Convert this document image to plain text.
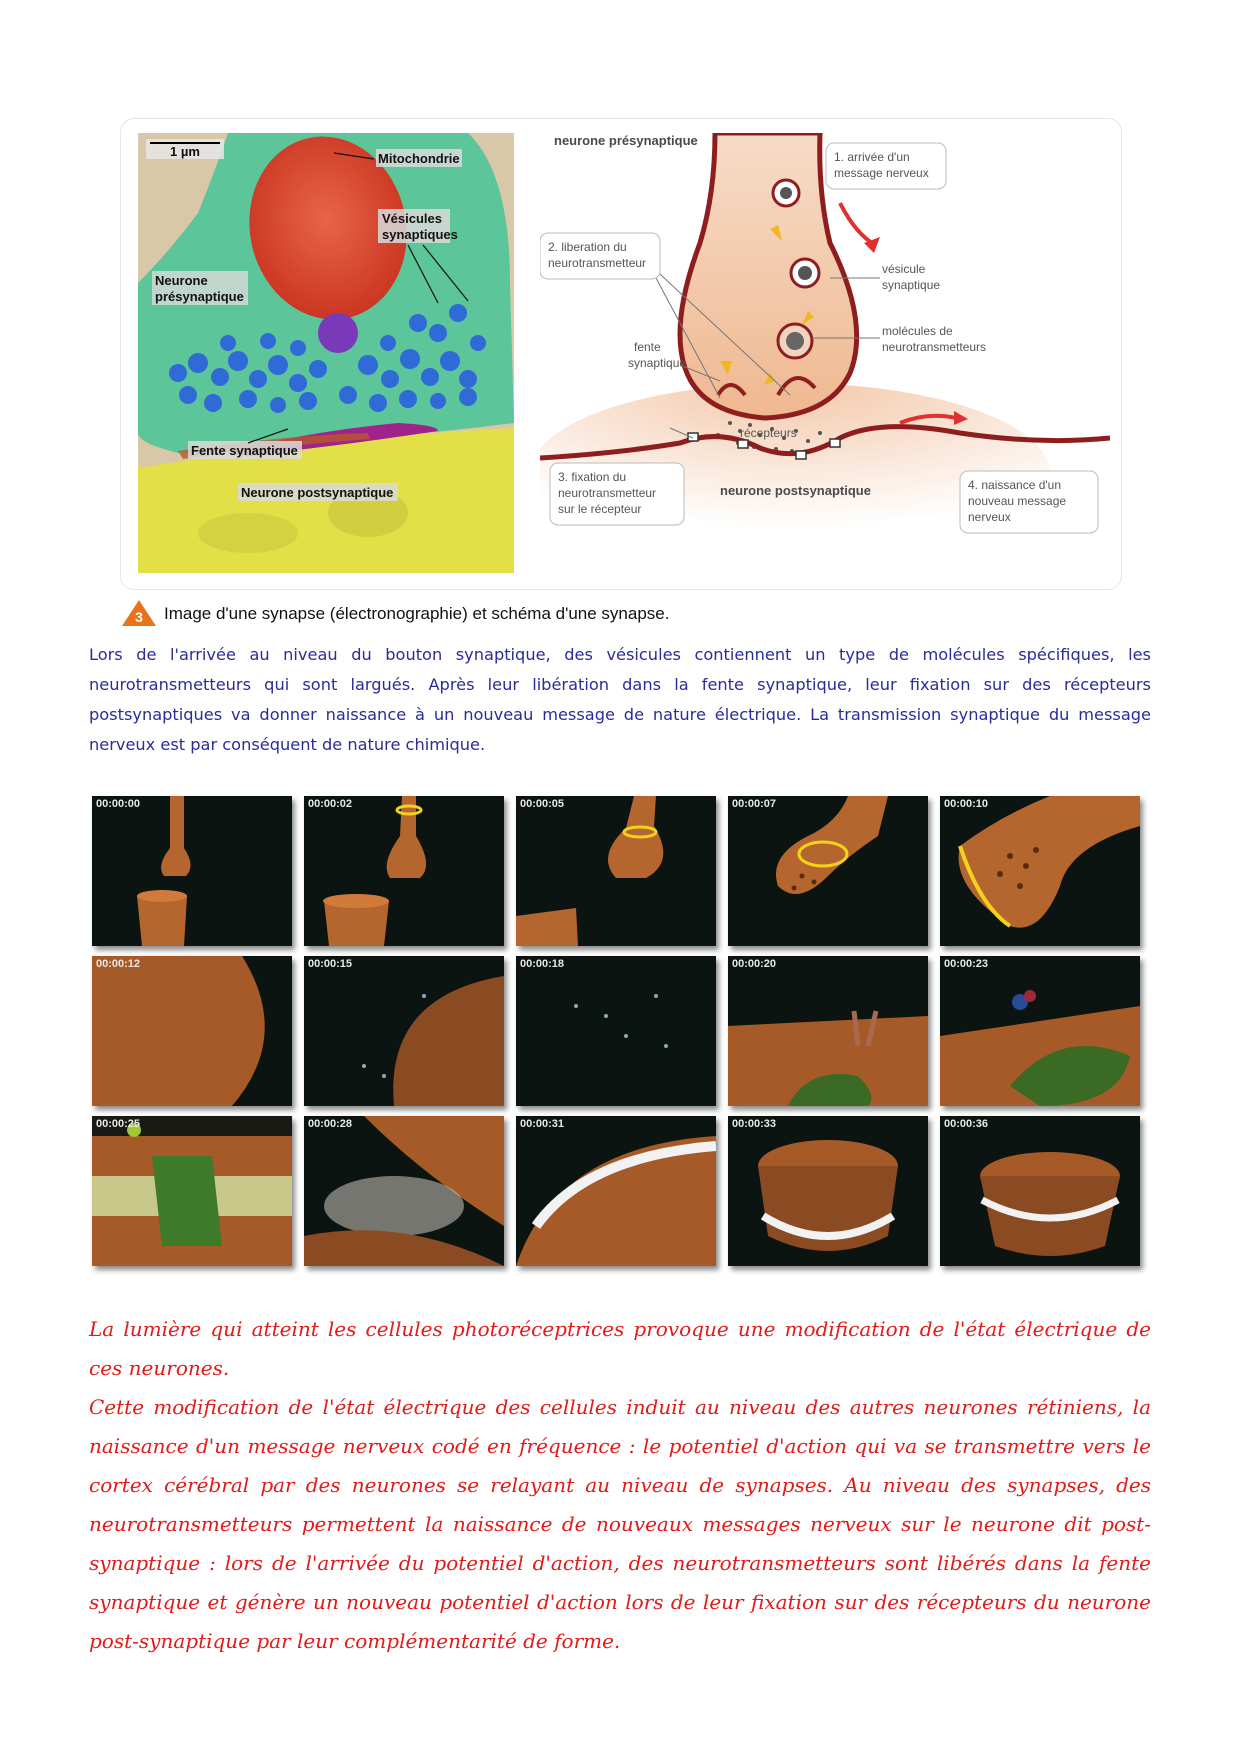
1 µm	Mitochondrie
Vésicules
synaptiques
Neurone
présynaptique
Fente synaptique
Neurone postsynaptique
neurone présynaptique
neurone postsynaptique
1. arrivée d'un
message nerveux
2. liberation du
neurotransmetteur
3. fixation du
neurotransmetteur
sur le récepteur
4. naissance d'un
nouveau message
nerveux
vésicule
synaptique
molécules de
neurotransmetteurs
fente
synaptique
récepteurs
3 Image d'une synapse (électronographie) et schéma d'une synapse.
Lors de l'arrivée au niveau du bouton synaptique, des vésicules contiennent un type de molécules spécifiques, les neurotransmetteurs qui sont largués. Après leur libération dans la fente synaptique, leur fixation sur des récepteurs postsynaptiques va donner naissance à un nouveau message de nature électrique. La transmission synaptique du message nerveux est par conséquent de nature chimique.
00:00:00	00:00:02	00:00:05	00:00:07	00:00:10
00:00:12	00:00:15	00:00:18	00:00:20	00:00:23
00:00:25	00:00:28	00:00:31	00:00:33	00:00:36

La lumière qui atteint les cellules photoréceptrices provoque une modification de l'état électrique de ces neurones.

Cette modification de l'état électrique des cellules induit au niveau des autres neurones rétiniens, la naissance d'un message nerveux codé en fréquence : le potentiel d'action qui va se transmettre vers le cortex cérébral par des neurones se relayant au niveau de synapses. Au niveau des synapses, des neurotransmetteurs permettent la naissance de nouveaux messages nerveux sur le neurone dit post-synaptique : lors de l'arrivée du potentiel d'action, des neurotransmetteurs sont libérés dans la fente synaptique et génère un nouveau potentiel d'action lors de leur fixation sur des récepteurs du neurone post-synaptique par leur complémentarité de forme.
